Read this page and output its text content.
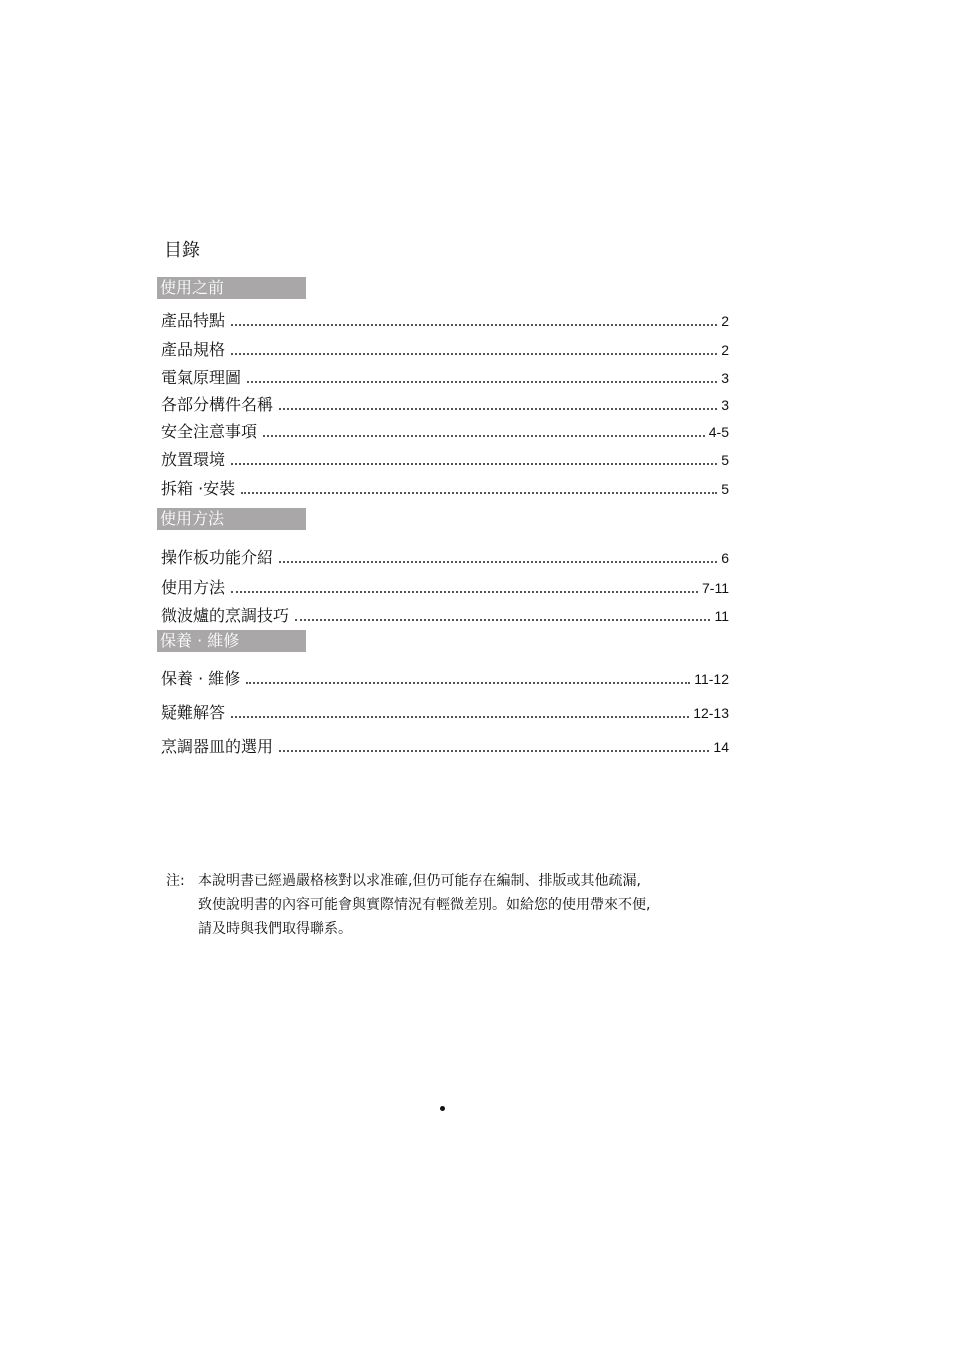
目錄
使用之前
產品特點	2
產品規格	2
電氣原理圖	3
各部分構件名稱	3
安全注意事項	4-5
放置環境	5
拆箱 ·安裝	5
使用方法
操作板功能介紹	6
使用方法	7-11
微波爐的烹調技巧	11
保養 · 維修
保養 · 維修	11-12
疑難解答	12-13
烹調器皿的選用	14
注: 本說明書已經過嚴格核對以求准確,但仍可能存在編制、排版或其他疏漏,
致使說明書的內容可能會與實際情況有輕微差別。如給您的使用帶來不便,
請及時與我們取得聯系。
